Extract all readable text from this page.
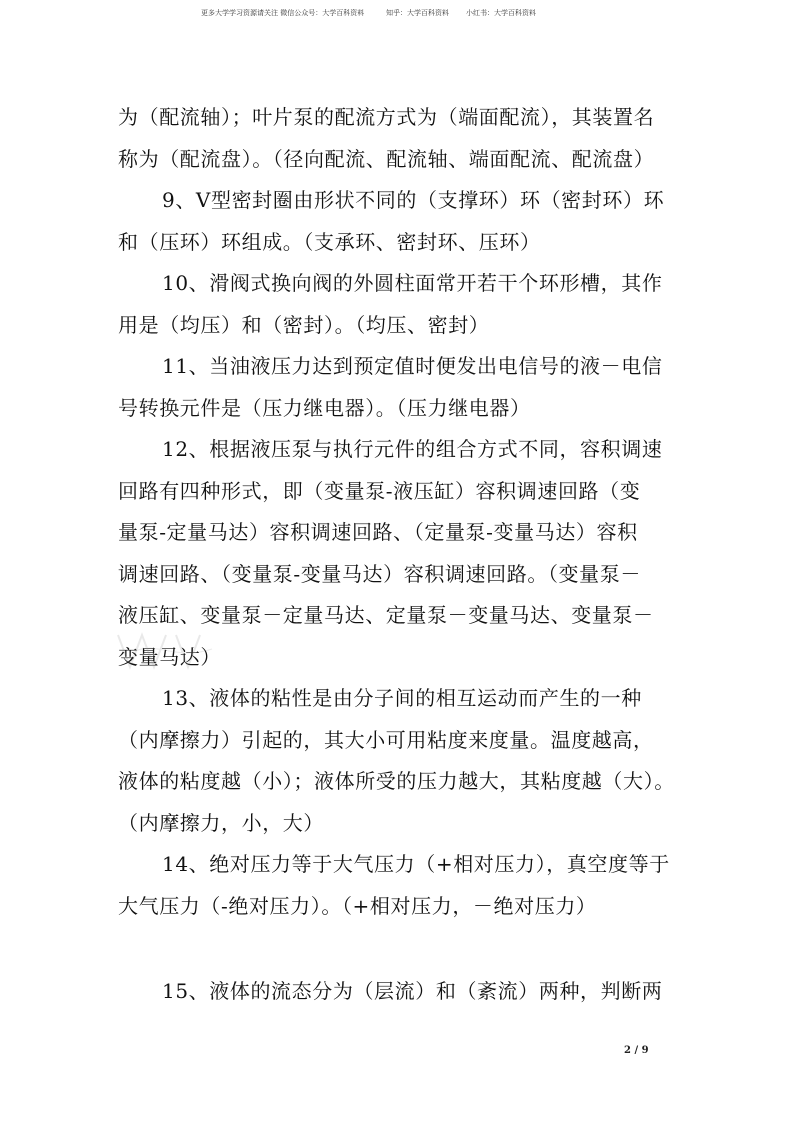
更多大学学习资源请关注 微信公众号：大学百科资料	知乎：大学百科资料 小红书：大学百科资料
为（配流轴）；叶片泵的配流方式为（端面配流），其装置名
称为（配流盘）。（径向配流、配流轴、端面配流、配流盘）
9、V型密封圈由形状不同的（支撑环）环（密封环）环
和（压环）环组成。（支承环、密封环、压环）
10、滑阀式换向阀的外圆柱面常开若干个环形槽，其作
用是（均压）和（密封）。（均压、密封）
11、当油液压力达到预定值时便发出电信号的液－电信
号转换元件是（压力继电器）。（压力继电器）
12、根据液压泵与执行元件的组合方式不同，容积调速
回路有四种形式，即（变量泵-液压缸）容积调速回路（变
量泵-定量马达）容积调速回路、（定量泵-变量马达）容积
调速回路、（变量泵-变量马达）容积调速回路。（变量泵－
液压缸、变量泵－定量马达、定量泵－变量马达、变量泵－
变量马达）
13、液体的粘性是由分子间的相互运动而产生的一种
（内摩擦力）引起的，其大小可用粘度来度量。温度越高，
液体的粘度越（小）；液体所受的压力越大，其粘度越（大）。
（内摩擦力，小，大）
14、绝对压力等于大气压力（+相对压力），真空度等于
大气压力（-绝对压力）。（+相对压力，－绝对压力）
15、液体的流态分为（层流）和（紊流）两种，判断两
2 / 9
